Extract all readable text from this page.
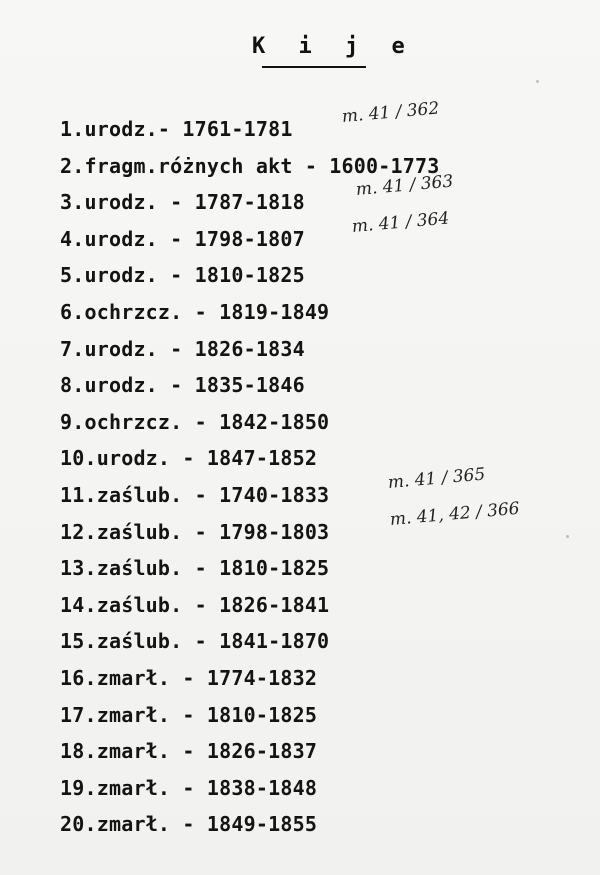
K i j e
1.urodz.- 1761-1781
m. 41 / 362
2.fragm.różnych akt - 1600-1773
3.urodz. - 1787-1818
m. 41 / 363
4.urodz. - 1798-1807
m. 41 / 364
5.urodz. - 1810-1825
6.ochrzcz. - 1819-1849
7.urodz. - 1826-1834
8.urodz. - 1835-1846
9.ochrzcz. - 1842-1850
10.urodz. - 1847-1852
11.zaślub. - 1740-1833
m. 41 / 365
12.zaślub. - 1798-1803
m. 41, 42 / 366
13.zaślub. - 1810-1825
14.zaślub. - 1826-1841
15.zaślub. - 1841-1870
16.zmarł. - 1774-1832
17.zmarł. - 1810-1825
18.zmarł. - 1826-1837
19.zmarł. - 1838-1848
20.zmarł. - 1849-1855
